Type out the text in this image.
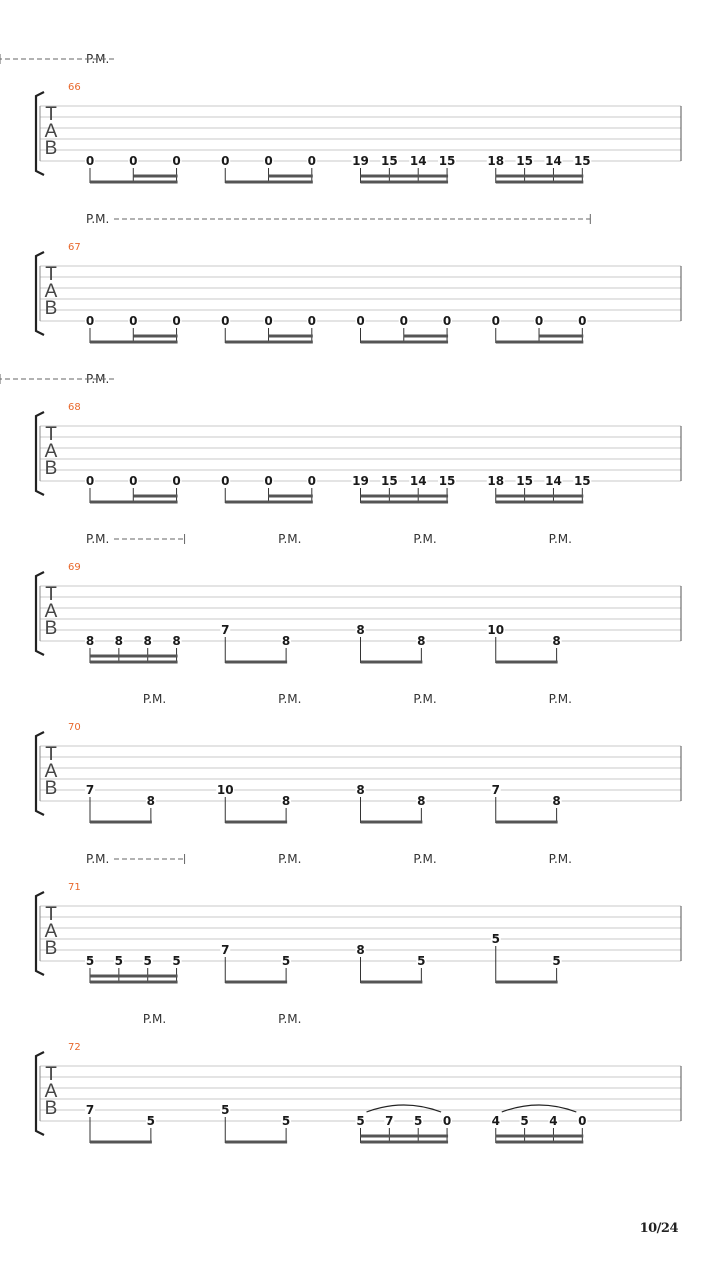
T
A
B
66
P.M.
0	0	0	0	0	0	19 15 14 15	18 15 14 15
T
A
B
67
P.M.
0	0	0	0	0	0	0	0	0	0	0	0
T
A
B
68
P.M.
0	0	0	0	0	0	19 15 14 15	18 15 14 15
T
A
B
69
P.M.	P.M.	P.M.	P.M.
8 8 8 8
7
8
8
8
10
8
T
A
B
70
P.M.	P.M.	P.M.	P.M.
7
8
10
8
8
8
7
8
T
A
B
71
P.M.	P.M.	P.M.	P.M.
5 5 5 5
7
5
8
5
5
5
T
A
B
72
P.M.	P.M.
7
5
5
5	5 7 5 0	4 5 4 0
10/24
